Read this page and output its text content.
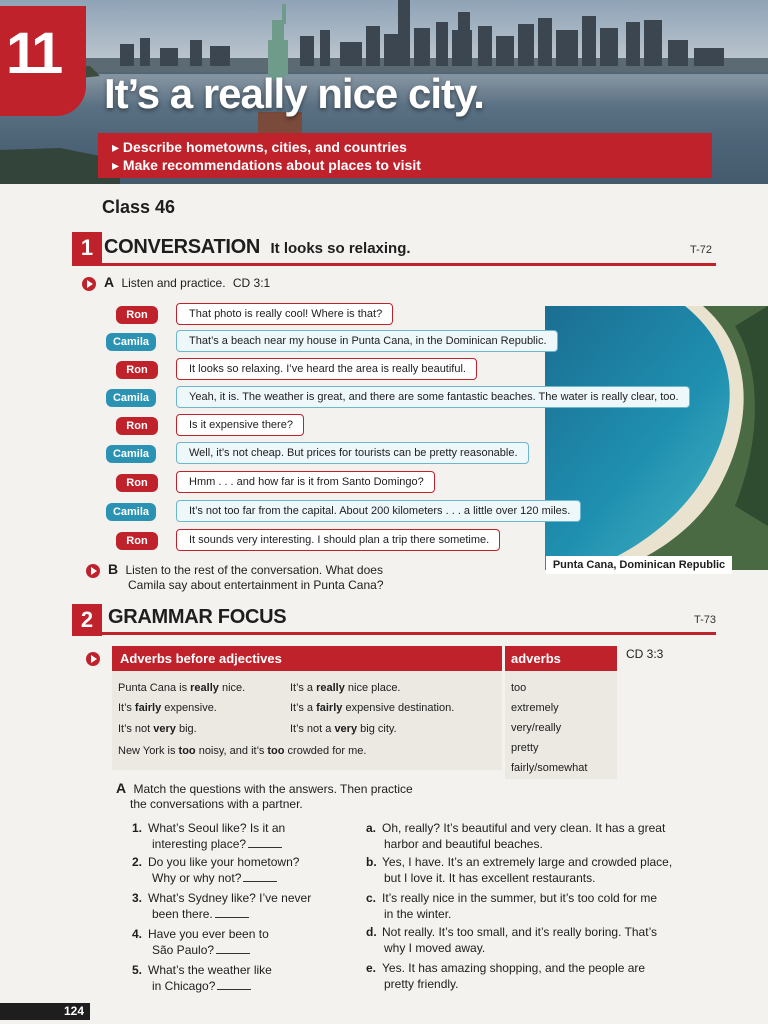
11
It’s a really nice city.
▸ Describe hometowns, cities, and countries
▸ Make recommendations about places to visit
Class 46
1 CONVERSATION It looks so relaxing.	T-72
A Listen and practice. CD 3:1
Punta Cana, Dominican Republic
Ron	That photo is really cool! Where is that?
Camila	That’s a beach near my house in Punta Cana, in the Dominican Republic.
Ron	It looks so relaxing. I’ve heard the area is really beautiful.
Camila	Yeah, it is. The weather is great, and there are some fantastic beaches. The water is really clear, too.
Ron	Is it expensive there?
Camila	Well, it’s not cheap. But prices for tourists can be pretty reasonable.
Ron	Hmm . . . and how far is it from Santo Domingo?
Camila	It’s not too far from the capital. About 200 kilometers . . . a little over 120 miles.
Ron	It sounds very interesting. I should plan a trip there sometime.
B Listen to the rest of the conversation. What does
Camila say about entertainment in Punta Cana?
2 GRAMMAR FOCUS	T-73
Adverbs before adjectives
Punta Cana is really nice.	It’s a really nice place.
It’s fairly expensive.	It’s a fairly expensive destination.
It’s not very big.	It’s not a very big city.
New York is too noisy, and it’s too crowded for me.
adverbs
too
extremely
very/really
pretty
fairly/somewhat
CD 3:3
A Match the questions with the answers. Then practice
the conversations with a partner.
1. What’s Seoul like? Is it an
interesting place?
2. Do you like your hometown?
Why or why not?
3. What’s Sydney like? I’ve never
been there.
4. Have you ever been to
São Paulo?
5. What’s the weather like
in Chicago?
a. Oh, really? It’s beautiful and very clean. It has a great
harbor and beautiful beaches.
b. Yes, I have. It’s an extremely large and crowded place,
but I love it. It has excellent restaurants.
c. It’s really nice in the summer, but it’s too cold for me
in the winter.
d. Not really. It’s too small, and it’s really boring. That’s
why I moved away.
e. Yes. It has amazing shopping, and the people are
pretty friendly.
124
